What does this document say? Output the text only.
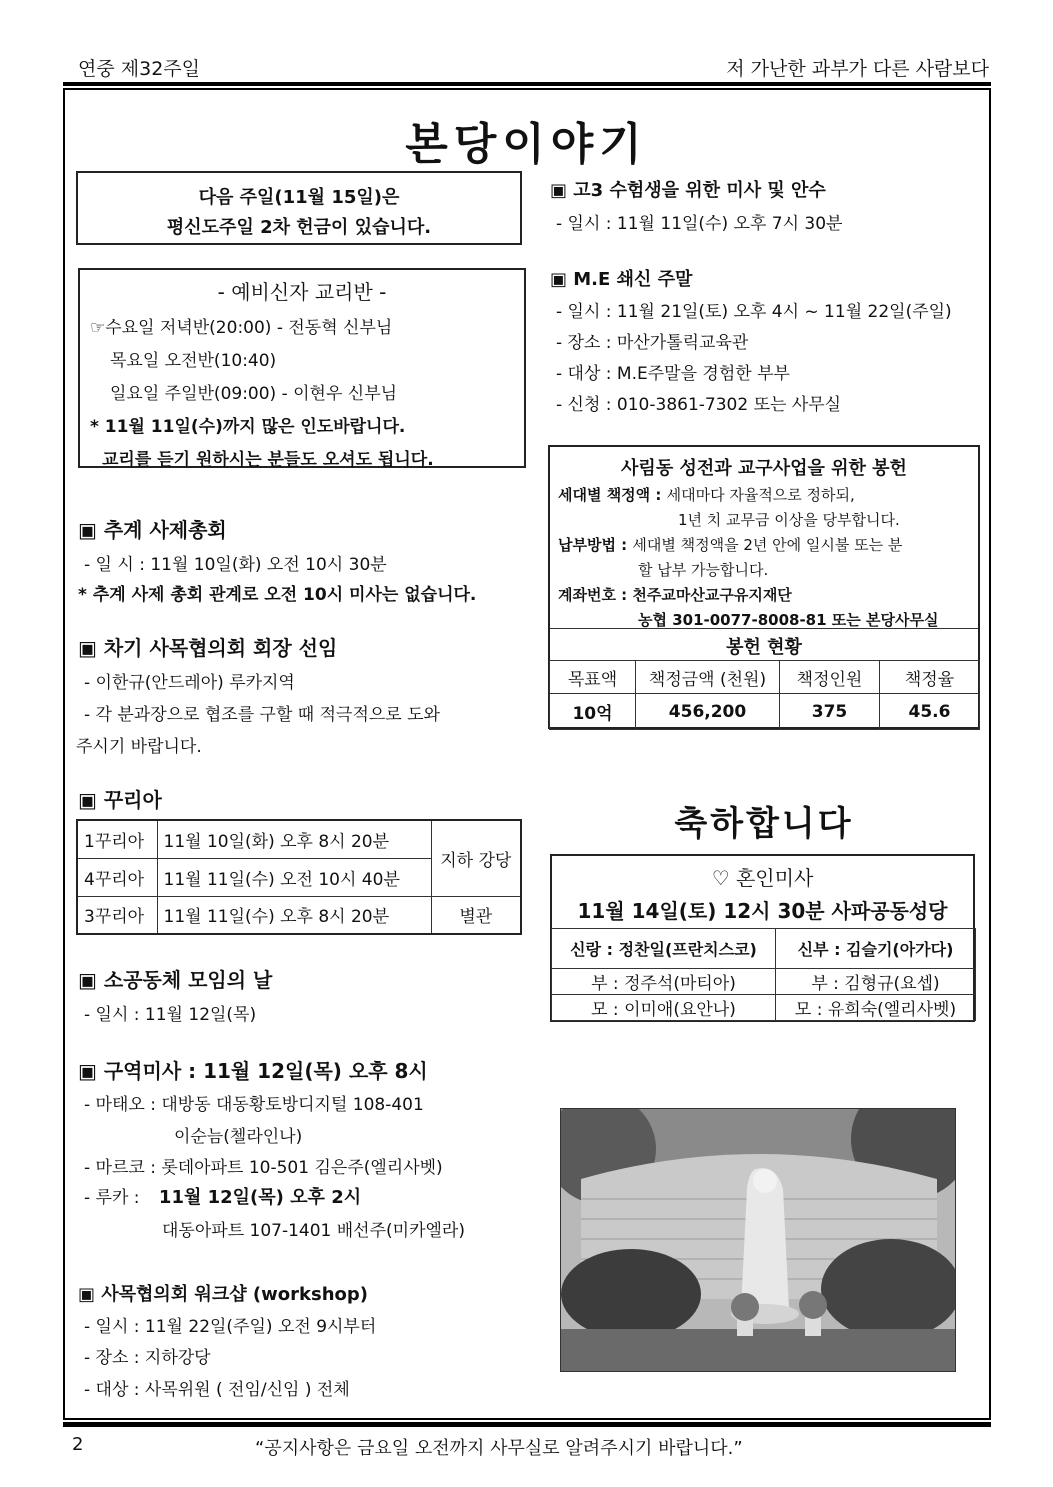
연중 제32주일	저 가난한 과부가 다른 사람보다
본당이야기
다음 주일(11월 15일)은
평신도주일 2차 헌금이 있습니다.
- 예비신자 교리반 -
☞수요일 저녁반(20:00) - 전동혁 신부님
목요일 오전반(10:40)
일요일 주일반(09:00) - 이현우 신부님
* 11월 11일(수)까지 많은 인도바랍니다.
교리를 듣기 원하시는 분들도 오셔도 됩니다.
▣ 추계 사제총회
- 일 시 : 11월 10일(화) 오전 10시 30분
* 추계 사제 총회 관계로 오전 10시 미사는 없습니다.
▣ 차기 사목협의회 회장 선임
- 이한규(안드레아) 루카지역
- 각 분과장으로 협조를 구할 때 적극적으로 도와
주시기 바랍니다.
▣ 꾸리아
1꾸리아	11월 10일(화) 오후 8시 20분	지하 강당
4꾸리아	11월 11일(수) 오전 10시 40분	
3꾸리아	11월 11일(수) 오후 8시 20분	별관
▣ 소공동체 모임의 날
- 일시 : 11월 12일(목)
▣ 구역미사 : 11월 12일(목) 오후 8시
- 마태오 : 대방동 대동황토방디지털 108-401
이순늠(첼라인나)
- 마르코 : 롯데아파트 10-501 김은주(엘리사벳)
- 루카 : 11월 12일(목) 오후 2시
대동아파트 107-1401 배선주(미카엘라)
▣ 사목협의회 워크샵 (workshop)
- 일시 : 11월 22일(주일) 오전 9시부터
- 장소 : 지하강당
- 대상 : 사목위원 ( 전임/신임 ) 전체
▣ 고3 수험생을 위한 미사 및 안수
- 일시 : 11월 11일(수) 오후 7시 30분
▣ M.E 쇄신 주말
- 일시 : 11월 21일(토) 오후 4시 ~ 11월 22일(주일)
- 장소 : 마산가톨릭교육관
- 대상 : M.E주말을 경험한 부부
- 신청 : 010-3861-7302 또는 사무실
사림동 성전과 교구사업을 위한 봉헌
세대별 책정액 : 세대마다 자율적으로 정하되,
1년 치 교무금 이상을 당부합니다.
납부방법 : 세대별 책정액을 2년 안에 일시불 또는 분
할 납부 가능합니다.
계좌번호 : 천주교마산교구유지재단
농협 301-0077-8008-81 또는 본당사무실
봉헌 현황
목표액	책정금액 (천원)	책정인원	책정율
10억	456,200	375	45.6
축하합니다
♡ 혼인미사
11월 14일(토) 12시 30분 사파공동성당
신랑 : 정찬일(프란치스코)	신부 : 김슬기(아가다)
부 : 정주석(마티아)	부 : 김형규(요셉)
모 : 이미애(요안나)	모 : 유희숙(엘리사벳)
2	“공지사항은 금요일 오전까지 사무실로 알려주시기 바랍니다.”
